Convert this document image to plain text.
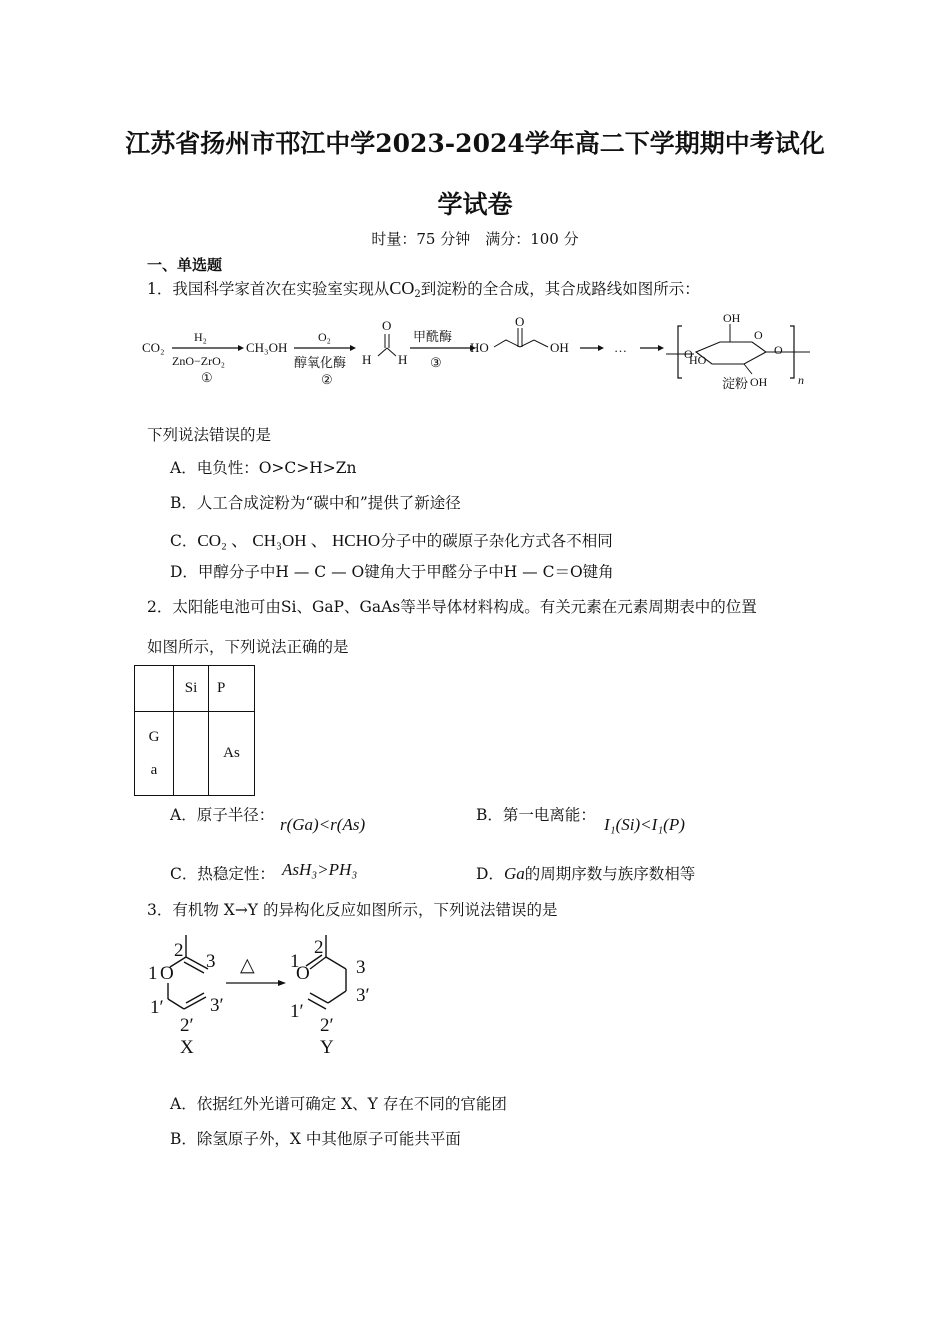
江苏省扬州市邗江中学2023-2024学年高二下学期期中考试化
学试卷
时量：75 分钟　满分：100 分
一、单选题
1．我国科学家首次在实验室实现从$CO_2$到淀粉的全合成，其合成路线如图所示：
CO₂
H₂
ZnO−ZrO₂
①
CH₃OH
O₂
醇氧化酶
②
O
H H
甲酰酶
③
HO
O
OH	…	O
O
OH
HO
OH
O
淀粉	n
下列说法错误的是
A．电负性：O>C>H>Zn
B．人工合成淀粉为“碳中和”提供了新途径
C．CO₂ 、 CH₃OH 、 HCHO分子中的碳原子杂化方式各不相同
D．甲醇分子中H — C — O键角大于甲醛分子中H — C＝O键角
2．太阳能电池可由Si、GaP、GaAs等半导体材料构成。有关元素在元素周期表中的位置
如图所示，下列说法正确的是
	Si	P

G
a		As
A．原子半径： r(Ga)<r(As)	B．第一电离能： I₁(Si)<I₁(P)
C．热稳定性： AsH₃>PH₃	D．Ga的周期序数与族序数相等
3．有机物 X→Y 的异构化反应如图所示，下列说法错误的是
2
3
1 O
1′ 3′
2′
X
△
2
1
O 3
3′
1′
2′
Y
A．依据红外光谱可确定 X、Y 存在不同的官能团
B．除氢原子外，X 中其他原子可能共平面
